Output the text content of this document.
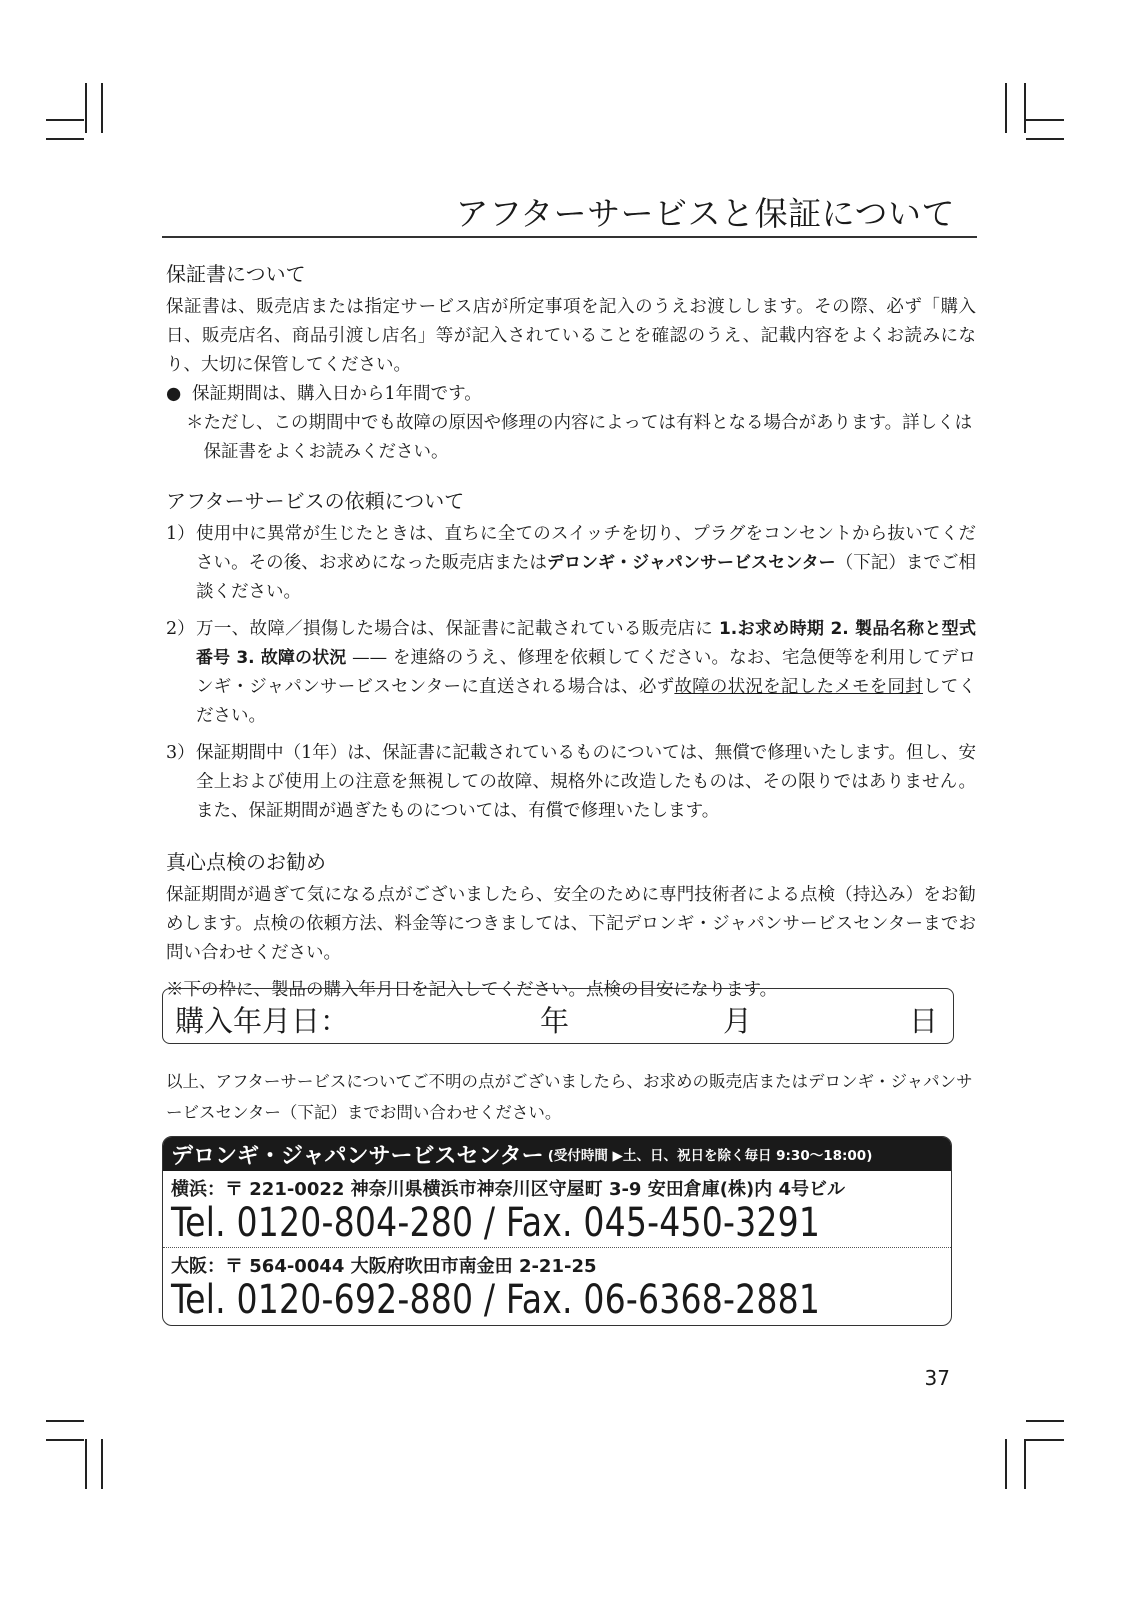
アフターサービスと保証について
保証書について

保証書は、販売店または指定サービス店が所定事項を記入のうえお渡しします。その際、必ず「購入日、販売店名、商品引渡し店名」等が記入されていることを確認のうえ、記載内容をよくお読みになり、大切に保管してください。

● 保証期間は、購入日から1年間です。
＊ ただし、この期間中でも故障の原因や修理の内容によっては有料となる場合があります。詳しくは保証書をよくお読みください。
アフターサービスの依頼について
1） 使用中に異常が生じたときは、直ちに全てのスイッチを切り、プラグをコンセントから抜いてください。その後、お求めになった販売店またはデロンギ・ジャパンサービスセンター（下記）までご相談ください。
2） 万一、故障／損傷した場合は、保証書に記載されている販売店に 1.お求め時期 2. 製品名称と型式番号 3. 故障の状況 —— を連絡のうえ、修理を依頼してください。なお、宅急便等を利用してデロンギ・ジャパンサービスセンターに直送される場合は、必ず故障の状況を記したメモを同封してください。
3） 保証期間中（1年）は、保証書に記載されているものについては、無償で修理いたします。但し、安全上および使用上の注意を無視しての故障、規格外に改造したものは、その限りではありません。また、保証期間が過ぎたものについては、有償で修理いたします。
真心点検のお勧め

保証期間が過ぎて気になる点がございましたら、安全のために専門技術者による点検（持込み）をお勧めします。点検の依頼方法、料金等につきましては、下記デロンギ・ジャパンサービスセンターまでお問い合わせください。

※下の枠に、製品の購入年月日を記入してください。点検の目安になります。

購入年月日：	年	月	日

以上、アフターサービスについてご不明の点がございましたら、お求めの販売店またはデロンギ・ジャパンサービスセンター（下記）までお問い合わせください。

デロンギ・ジャパンサービスセンター (受付時間 ▶土、日、祝日を除く毎日 9:30～18:00)
横浜：〒 221-0022 神奈川県横浜市神奈川区守屋町 3-9 安田倉庫(株)内 4号ビル
Tel. 0120-804-280 / Fax. 045-450-3291
大阪：〒 564-0044 大阪府吹田市南金田 2-21-25
Tel. 0120-692-880 / Fax. 06-6368-2881
37
